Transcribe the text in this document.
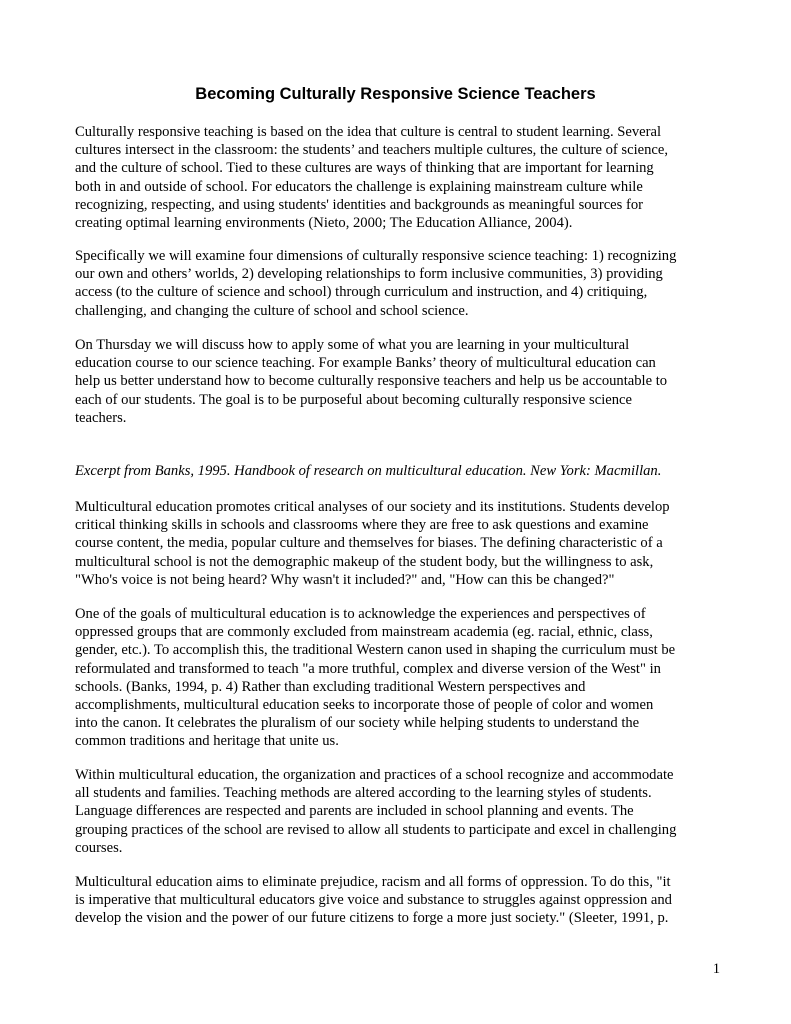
Becoming Culturally Responsive Science Teachers

Culturally responsive teaching is based on the idea that culture is central to student learning. Several
cultures intersect in the classroom: the students’ and teachers multiple cultures, the culture of science,
and the culture of school. Tied to these cultures are ways of thinking that are important for learning
both in and outside of school. For educators the challenge is explaining mainstream culture while
recognizing, respecting, and using students' identities and backgrounds as meaningful sources for
creating optimal learning environments (Nieto, 2000; The Education Alliance, 2004).

Specifically we will examine four dimensions of culturally responsive science teaching: 1) recognizing
our own and others’ worlds, 2) developing relationships to form inclusive communities, 3) providing
access (to the culture of science and school) through curriculum and instruction, and 4) critiquing,
challenging, and changing the culture of school and school science.

On Thursday we will discuss how to apply some of what you are learning in your multicultural
education course to our science teaching. For example Banks’ theory of multicultural education can
help us better understand how to become culturally responsive teachers and help us be accountable to
each of our students. The goal is to be purposeful about becoming culturally responsive science
teachers.

Excerpt from Banks, 1995. Handbook of research on multicultural education. New York: Macmillan.

Multicultural education promotes critical analyses of our society and its institutions. Students develop
critical thinking skills in schools and classrooms where they are free to ask questions and examine
course content, the media, popular culture and themselves for biases. The defining characteristic of a
multicultural school is not the demographic makeup of the student body, but the willingness to ask,
"Who's voice is not being heard? Why wasn't it included?" and, "How can this be changed?"

One of the goals of multicultural education is to acknowledge the experiences and perspectives of
oppressed groups that are commonly excluded from mainstream academia (eg. racial, ethnic, class,
gender, etc.). To accomplish this, the traditional Western canon used in shaping the curriculum must be
reformulated and transformed to teach "a more truthful, complex and diverse version of the West" in
schools. (Banks, 1994, p. 4) Rather than excluding traditional Western perspectives and
accomplishments, multicultural education seeks to incorporate those of people of color and women
into the canon. It celebrates the pluralism of our society while helping students to understand the
common traditions and heritage that unite us.

Within multicultural education, the organization and practices of a school recognize and accommodate
all students and families. Teaching methods are altered according to the learning styles of students.
Language differences are respected and parents are included in school planning and events. The
grouping practices of the school are revised to allow all students to participate and excel in challenging
courses.

Multicultural education aims to eliminate prejudice, racism and all forms of oppression. To do this, "it
is imperative that multicultural educators give voice and substance to struggles against oppression and
develop the vision and the power of our future citizens to forge a more just society." (Sleeter, 1991, p.

1
